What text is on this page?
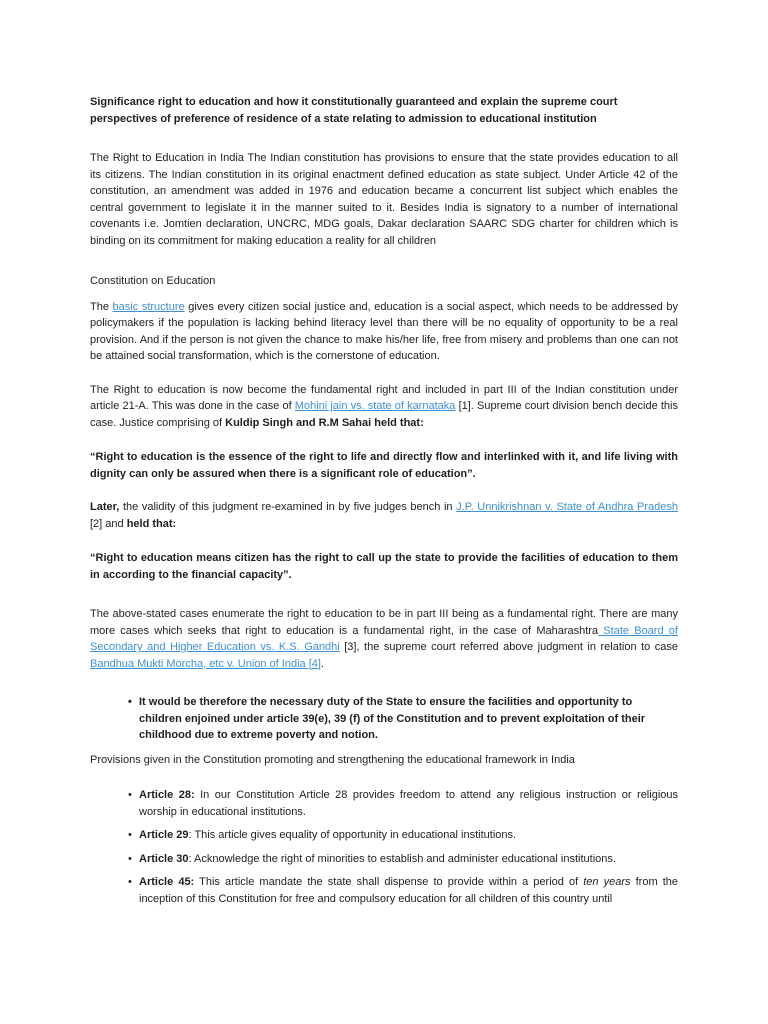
Significance right to education and how it constitutionally guaranteed and explain the supreme court perspectives of preference of residence of a state relating to admission to educational institution

The Right to Education in India The Indian constitution has provisions to ensure that the state provides education to all its citizens. The Indian constitution in its original enactment defined education as state subject. Under Article 42 of the constitution, an amendment was added in 1976 and education became a concurrent list subject which enables the central government to legislate it in the manner suited to it. Besides India is signatory to a number of international covenants i.e. Jomtien declaration, UNCRC, MDG goals, Dakar declaration SAARC SDG charter for children which is binding on its commitment for making education a reality for all children

Constitution on Education

The basic structure gives every citizen social justice and, education is a social aspect, which needs to be addressed by policymakers if the population is lacking behind literacy level than there will be no equality of opportunity to be a real provision. And if the person is not given the chance to make his/her life, free from misery and problems than one can not be attained social transformation, which is the cornerstone of education.

The Right to education is now become the fundamental right and included in part III of the Indian constitution under article 21-A. This was done in the case of Mohini jain vs. state of karnataka [1]. Supreme court division bench decide this case. Justice comprising of Kuldip Singh and R.M Sahai held that:

“Right to education is the essence of the right to life and directly flow and interlinked with it, and life living with dignity can only be assured when there is a significant role of education”.

Later, the validity of this judgment re-examined in by five judges bench in J.P. Unnikrishnan v. State of Andhra Pradesh [2] and held that:

“Right to education means citizen has the right to call up the state to provide the facilities of education to them in according to the financial capacity”.

The above-stated cases enumerate the right to education to be in part III being as a fundamental right. There are many more cases which seeks that right to education is a fundamental right, in the case of Maharashtra State Board of Secondary and Higher Education vs. K.S. Gandhi [3], the supreme court referred above judgment in relation to case Bandhua Mukti Morcha, etc v. Union of India [4].

• It would be therefore the necessary duty of the State to ensure the facilities and opportunity to children enjoined under article 39(e), 39 (f) of the Constitution and to prevent exploitation of their childhood due to extreme poverty and notion.

Provisions given in the Constitution promoting and strengthening the educational framework in India

• Article 28: In our Constitution Article 28 provides freedom to attend any religious instruction or religious worship in educational institutions.
• Article 29: This article gives equality of opportunity in educational institutions.
• Article 30: Acknowledge the right of minorities to establish and administer educational institutions.
• Article 45: This article mandate the state shall dispense to provide within a period of ten years from the inception of this Constitution for free and compulsory education for all children of this country until
